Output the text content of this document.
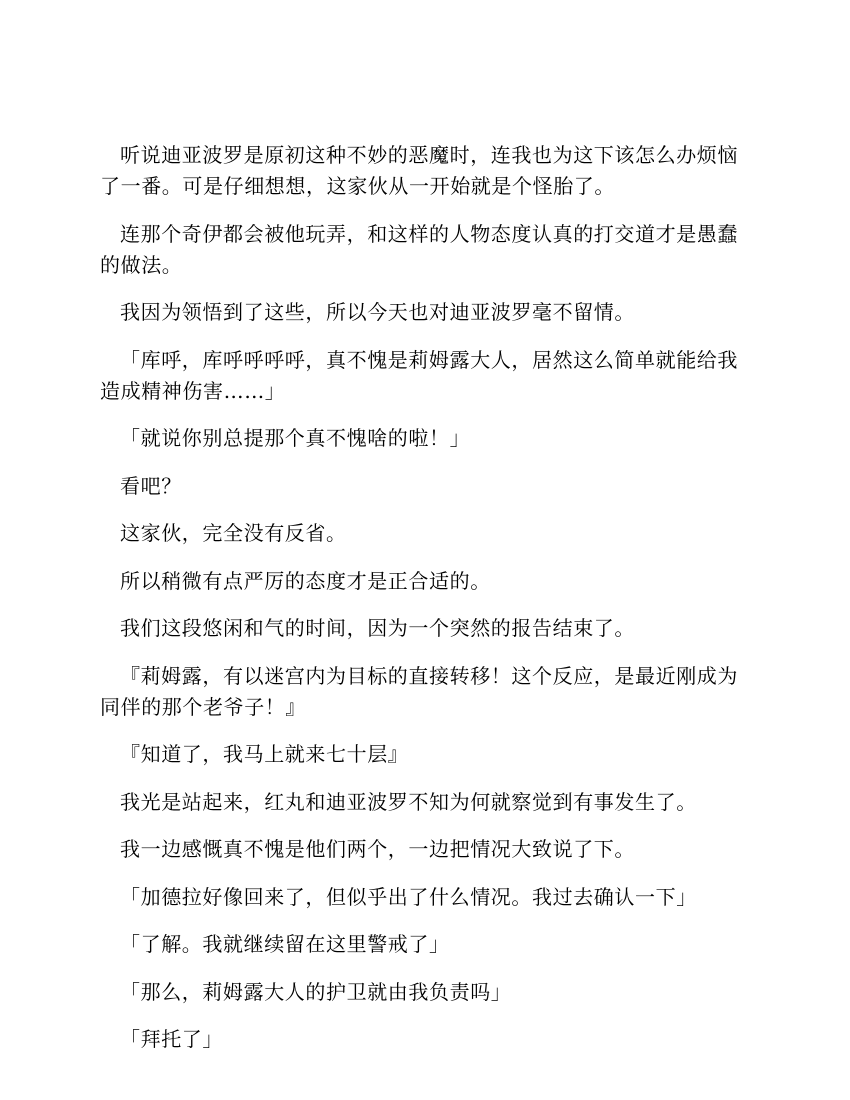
听说迪亚波罗是原初这种不妙的恶魔时，连我也为这下该怎么办烦恼了一番。可是仔细想想，这家伙从一开始就是个怪胎了。

连那个奇伊都会被他玩弄，和这样的人物态度认真的打交道才是愚蠢的做法。

我因为领悟到了这些，所以今天也对迪亚波罗毫不留情。

「库呼，库呼呼呼呼，真不愧是莉姆露大人，居然这么简单就能给我造成精神伤害……」

「就说你别总提那个真不愧啥的啦！」

看吧？

这家伙，完全没有反省。

所以稍微有点严厉的态度才是正合适的。

我们这段悠闲和气的时间，因为一个突然的报告结束了。

『莉姆露，有以迷宫内为目标的直接转移！这个反应，是最近刚成为同伴的那个老爷子！』

『知道了，我马上就来七十层』

我光是站起来，红丸和迪亚波罗不知为何就察觉到有事发生了。

我一边感慨真不愧是他们两个，一边把情况大致说了下。

「加德拉好像回来了，但似乎出了什么情况。我过去确认一下」

「了解。我就继续留在这里警戒了」

「那么，莉姆露大人的护卫就由我负责吗」

「拜托了」
